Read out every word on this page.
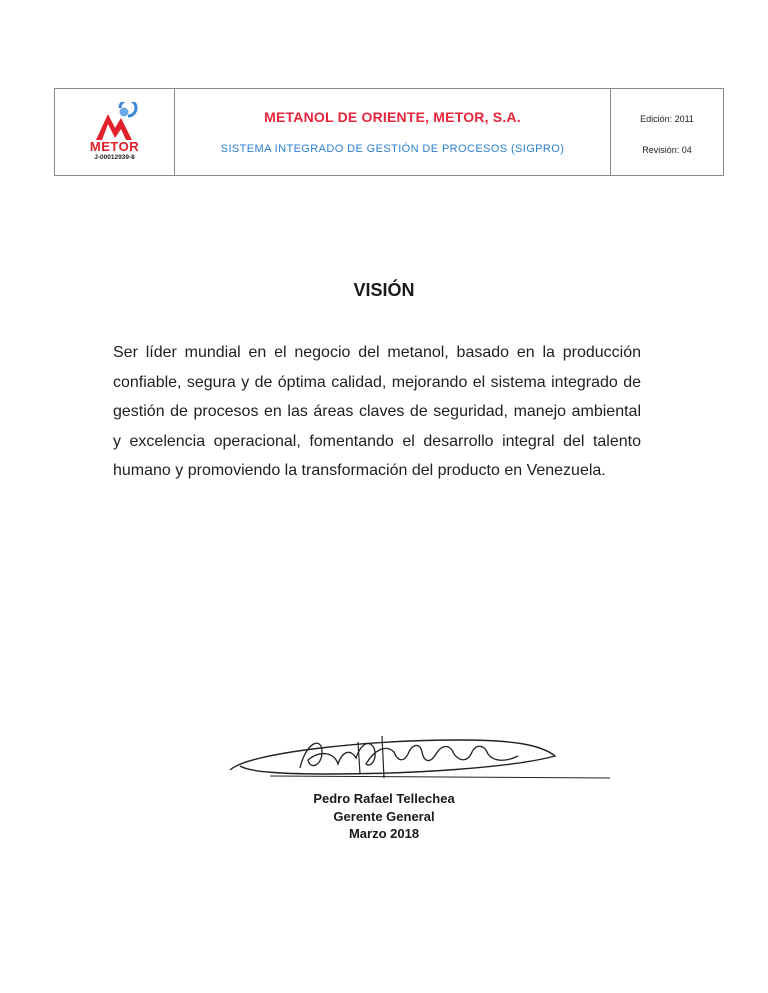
METOR
J-00012939-8
METANOL DE ORIENTE, METOR, S.A.
SISTEMA INTEGRADO DE GESTIÓN DE PROCESOS (SIGPRO)
Edición: 2011
Revisión: 04
VISIÓN
Ser líder mundial en el negocio del metanol, basado en la producción confiable, segura y de óptima calidad, mejorando el sistema integrado de gestión de procesos en las áreas claves de seguridad, manejo ambiental y excelencia operacional, fomentando el desarrollo integral del talento humano y promoviendo la transformación del producto en Venezuela.
Pedro Rafael Tellechea
Gerente General
Marzo 2018
